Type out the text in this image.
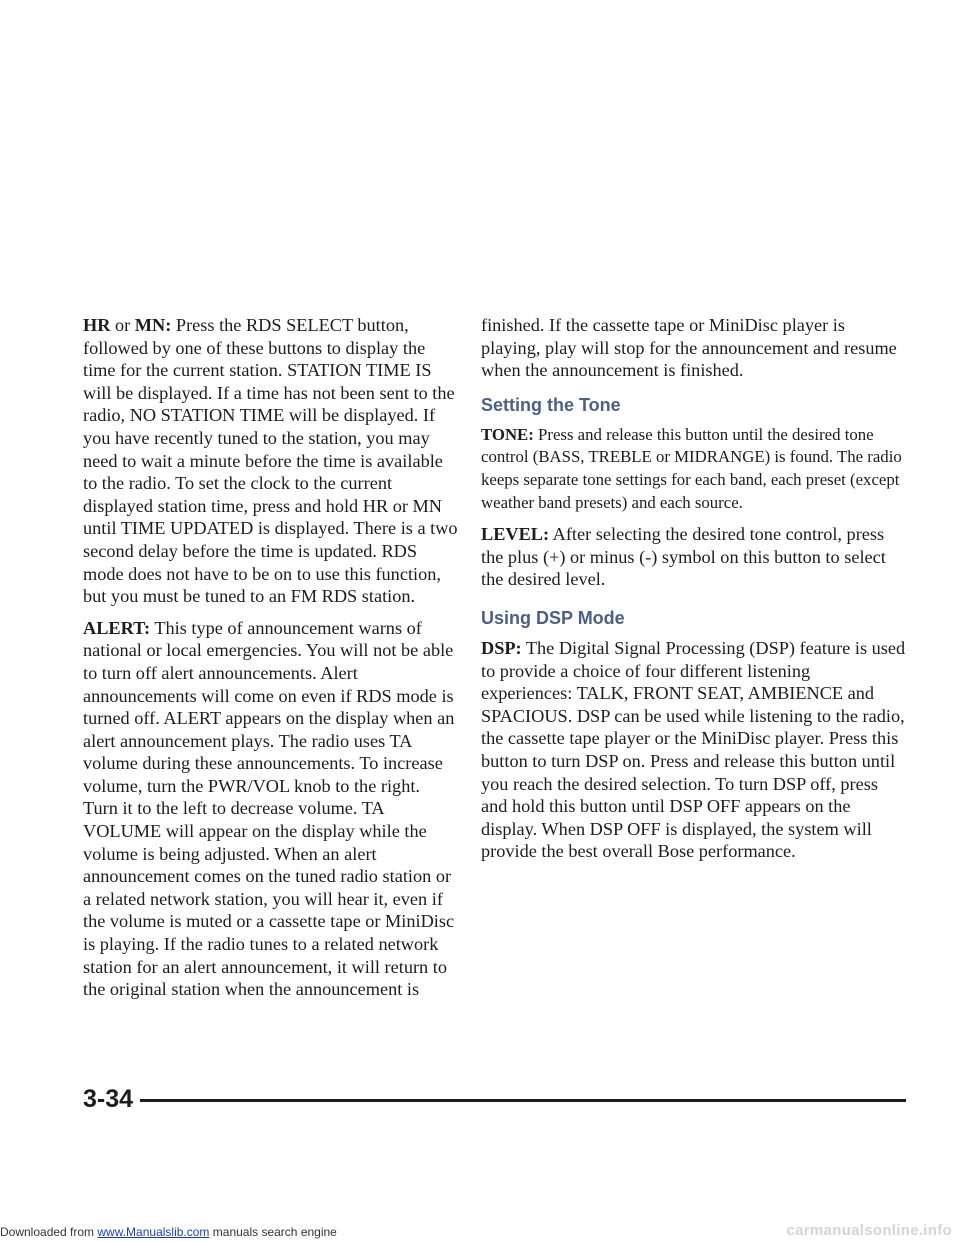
HR or MN: Press the RDS SELECT button, followed by one of these buttons to display the time for the current station. STATION TIME IS will be displayed. If a time has not been sent to the radio, NO STATION TIME will be displayed. If you have recently tuned to the station, you may need to wait a minute before the time is available to the radio. To set the clock to the current displayed station time, press and hold HR or MN until TIME UPDATED is displayed. There is a two second delay before the time is updated. RDS mode does not have to be on to use this function, but you must be tuned to an FM RDS station.

ALERT: This type of announcement warns of national or local emergencies. You will not be able to turn off alert announcements. Alert announcements will come on even if RDS mode is turned off. ALERT appears on the display when an alert announcement plays. The radio uses TA volume during these announcements. To increase volume, turn the PWR/VOL knob to the right. Turn it to the left to decrease volume. TA VOLUME will appear on the display while the volume is being adjusted. When an alert announcement comes on the tuned radio station or a related network station, you will hear it, even if the volume is muted or a cassette tape or MiniDisc is playing. If the radio tunes to a related network station for an alert announcement, it will return to the original station when the announcement is

finished. If the cassette tape or MiniDisc player is playing, play will stop for the announcement and resume when the announcement is finished.

Setting the Tone

TONE: Press and release this button until the desired tone control (BASS, TREBLE or MIDRANGE) is found. The radio keeps separate tone settings for each band, each preset (except weather band presets) and each source.

LEVEL: After selecting the desired tone control, press the plus (+) or minus (-) symbol on this button to select the desired level.

Using DSP Mode

DSP: The Digital Signal Processing (DSP) feature is used to provide a choice of four different listening experiences: TALK, FRONT SEAT, AMBIENCE and SPACIOUS. DSP can be used while listening to the radio, the cassette tape player or the MiniDisc player. Press this button to turn DSP on. Press and release this button until you reach the desired selection. To turn DSP off, press and hold this button until DSP OFF appears on the display. When DSP OFF is displayed, the system will provide the best overall Bose performance.

3-34
Downloaded from www.Manualslib.com manuals search engine	carmanualsonline.info
